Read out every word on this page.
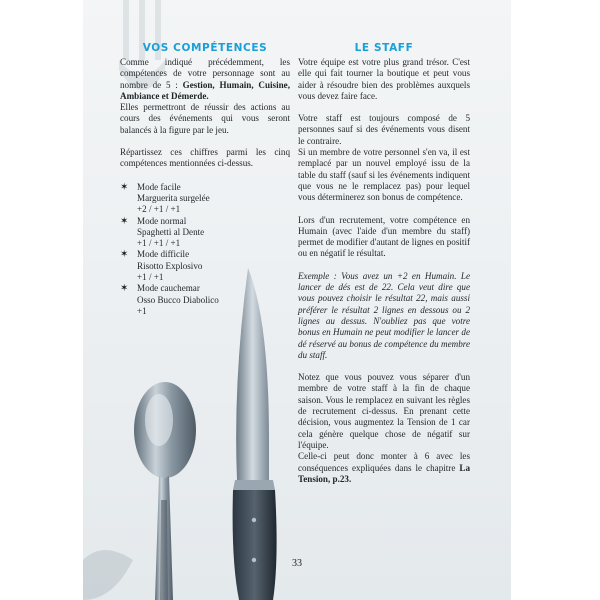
VOS COMPÉTENCES

Comme indiqué précédemment, les compétences de votre personnage sont au nombre de 5 : Gestion, Humain, Cuisine, Ambiance et Démerde.

Elles permettront de réussir des actions au cours des événements qui vous seront balancés à la figure par le jeu.

Répartissez ces chiffres parmi les cinq compétences mentionnées ci-dessus.

✶ Mode facile
Marguerita surgelée
+2 / +1 / +1
✶ Mode normal
Spaghetti al Dente
+1 / +1 / +1
✶ Mode difficile
Risotto Explosivo
+1 / +1
✶ Mode cauchemar
Osso Bucco Diabolico
+1
LE STAFF

Votre équipe est votre plus grand trésor. C'est elle qui fait tourner la boutique et peut vous aider à résoudre bien des problèmes auxquels vous devez faire face.

Votre staff est toujours composé de 5 personnes sauf si des événements vous disent le contraire.

Si un membre de votre personnel s'en va, il est remplacé par un nouvel employé issu de la table du staff (sauf si les événements indiquent que vous ne le remplacez pas) pour lequel vous déterminerez son bonus de compétence.

Lors d'un recrutement, votre compétence en Humain (avec l'aide d'un membre du staff) permet de modifier d'autant de lignes en positif ou en négatif le résultat.

Exemple : Vous avez un +2 en Humain. Le lancer de dés est de 22. Cela veut dire que vous pouvez choisir le résultat 22, mais aussi préférer le résultat 2 lignes en dessous ou 2 lignes au dessus. N'oubliez pas que votre bonus en Humain ne peut modifier le lancer de dé réservé au bonus de compétence du membre du staff.

Notez que vous pouvez vous séparer d'un membre de votre staff à la fin de chaque saison. Vous le remplacez en suivant les règles de recrutement ci-dessus. En prenant cette décision, vous augmentez la Tension de 1 car cela génère quelque chose de négatif sur l'équipe.

Celle-ci peut donc monter à 6 avec les conséquences expliquées dans le chapitre La Tension, p.23.

33
